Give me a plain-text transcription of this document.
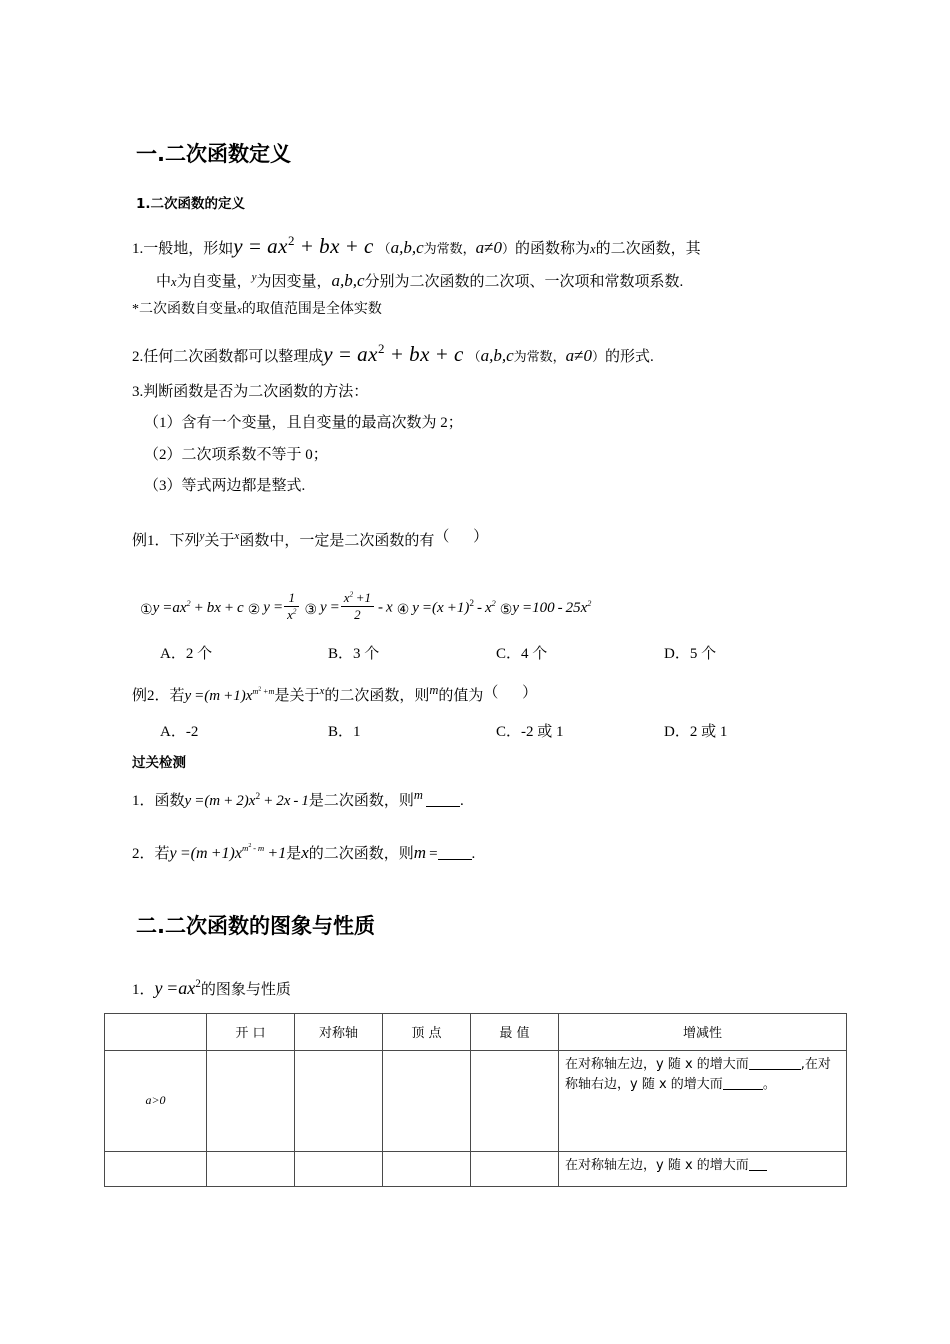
一.二次函数定义
1.二次函数的定义
1.一般地，形如$y = ax^2$ + bx + c （a,b,c为常数，a≠0）的函数称为x的二次函数，其
中x为自变量，$^y$为因变量，a,b,c分别为二次函数的二次项、一次项和常数项系数.
*二次函数自变量x的取值范围是全体实数
2.任何二次函数都可以整理成$y = ax^2$ + bx + c （a,b,c为常数，a≠0）的形式.
3.判断函数是否为二次函数的方法：
（1）含有一个变量，且自变量的最高次数为 2；
（2）二次项系数不等于 0；
（3）等式两边都是整式.
例1．下列$^y$关于$^x$函数中，一定是二次函数的有（ ）
①y $=ax^2$ + bx + c ② $y = \frac{1}{x^2}$ ③ $y = \frac{x^2 +1}{2} - x$ ④ $y =(x +1)^2 - x^2$ ⑤y $=100 - 25x^2$
A．2 个	B．3 个	C．4 个	D．5 个
例2．若$y =(m +1)x^{m^2 +m}$是关于$^x$的二次函数，则$^m$的值为（ ）
A．-2	B．1	C．-2 或 1	D．2 或 1
过关检测
1．函数$y =(m + 2)x^2 + 2x - 1$是二次函数，则$^m$  .
2．若$y =(m +1)x^{m^2 - m} +1$是x的二次函数，则m  = .
二.二次函数的图象与性质
1．$y =ax^2$的图象与性质
	开 口	对称轴	顶 点	最 值	增减性
a>0					在对称轴左边，y 随 x 的增大而 ,在对称轴右边，y 随 x 的增大而 。
					在对称轴左边，y 随 x 的增大而
